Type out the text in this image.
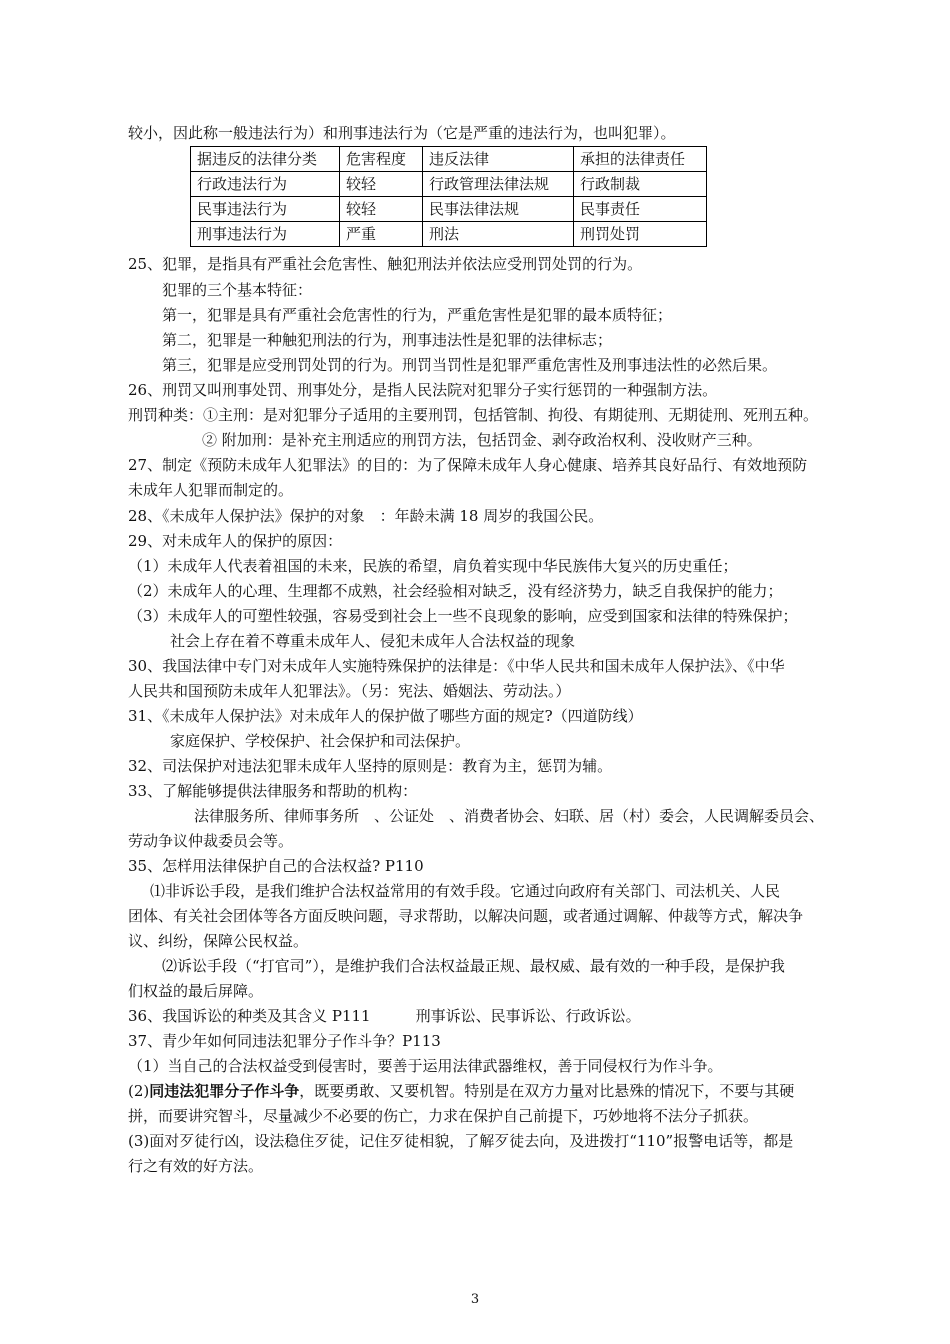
较小，因此称一般违法行为）和刑事违法行为（它是严重的违法行为，也叫犯罪）。
据违反的法律分类	危害程度	违反法律	承担的法律责任
行政违法行为	较轻	行政管理法律法规	行政制裁
民事违法行为	较轻	民事法律法规	民事责任
刑事违法行为	严重	刑法	刑罚处罚
25、犯罪，是指具有严重社会危害性、触犯刑法并依法应受刑罚处罚的行为。
犯罪的三个基本特征：
第一，犯罪是具有严重社会危害性的行为，严重危害性是犯罪的最本质特征；
第二，犯罪是一种触犯刑法的行为，刑事违法性是犯罪的法律标志；
第三，犯罪是应受刑罚处罚的行为。刑罚当罚性是犯罪严重危害性及刑事违法性的必然后果。
26、刑罚又叫刑事处罚、刑事处分，是指人民法院对犯罪分子实行惩罚的一种强制方法。
刑罚种类：①主刑：是对犯罪分子适用的主要刑罚，包括管制、拘役、有期徒刑、无期徒刑、死刑五种。
② 附加刑：是补充主刑适应的刑罚方法，包括罚金、剥夺政治权利、没收财产三种。
27、制定《预防未成年人犯罪法》的目的：为了保障未成年人身心健康、培养其良好品行、有效地预防
未成年人犯罪而制定的。
28、《未成年人保护法》保护的对象　：年龄未满 18 周岁的我国公民。
29、对未成年人的保护的原因：
（1）未成年人代表着祖国的未来，民族的希望，肩负着实现中华民族伟大复兴的历史重任；
（2）未成年人的心理、生理都不成熟，社会经验相对缺乏，没有经济势力，缺乏自我保护的能力；
（3）未成年人的可塑性较强，容易受到社会上一些不良现象的影响，应受到国家和法律的特殊保护；
社会上存在着不尊重未成年人、侵犯未成年人合法权益的现象
30、我国法律中专门对未成年人实施特殊保护的法律是：《中华人民共和国未成年人保护法》、《中华
人民共和国预防未成年人犯罪法》。（另：宪法、婚姻法、劳动法。）
31、《未成年人保护法》对未成年人的保护做了哪些方面的规定?（四道防线）
家庭保护、学校保护、社会保护和司法保护。
32、司法保护对违法犯罪未成年人坚持的原则是：教育为主，惩罚为辅。
33、了解能够提供法律服务和帮助的机构：
法律服务所、律师事务所　、公证处　、消费者协会、妇联、居（村）委会，人民调解委员会、
劳动争议仲裁委员会等。
35、怎样用法律保护自己的合法权益? P110
⑴非诉讼手段，是我们维护合法权益常用的有效手段。它通过向政府有关部门、司法机关、人民
团体、有关社会团体等各方面反映问题，寻求帮助，以解决问题，或者通过调解、仲裁等方式，解决争
议、纠纷，保障公民权益。
⑵诉讼手段（“打官司”），是维护我们合法权益最正规、最权威、最有效的一种手段，是保护我
们权益的最后屏障。
36、我国诉讼的种类及其含义 P111　　　刑事诉讼、民事诉讼、行政诉讼。
37、青少年如何同违法犯罪分子作斗争？P113
（1）当自己的合法权益受到侵害时，要善于运用法律武器维权，善于同侵权行为作斗争。
(2)同违法犯罪分子作斗争，既要勇敢、又要机智。特别是在双方力量对比悬殊的情况下，不要与其硬
拼，而要讲究智斗，尽量减少不必要的伤亡，力求在保护自己前提下，巧妙地将不法分子抓获。
(3)面对歹徒行凶，设法稳住歹徒，记住歹徒相貌，了解歹徒去向，及进拨打“110”报警电话等，都是
行之有效的好方法。
3
